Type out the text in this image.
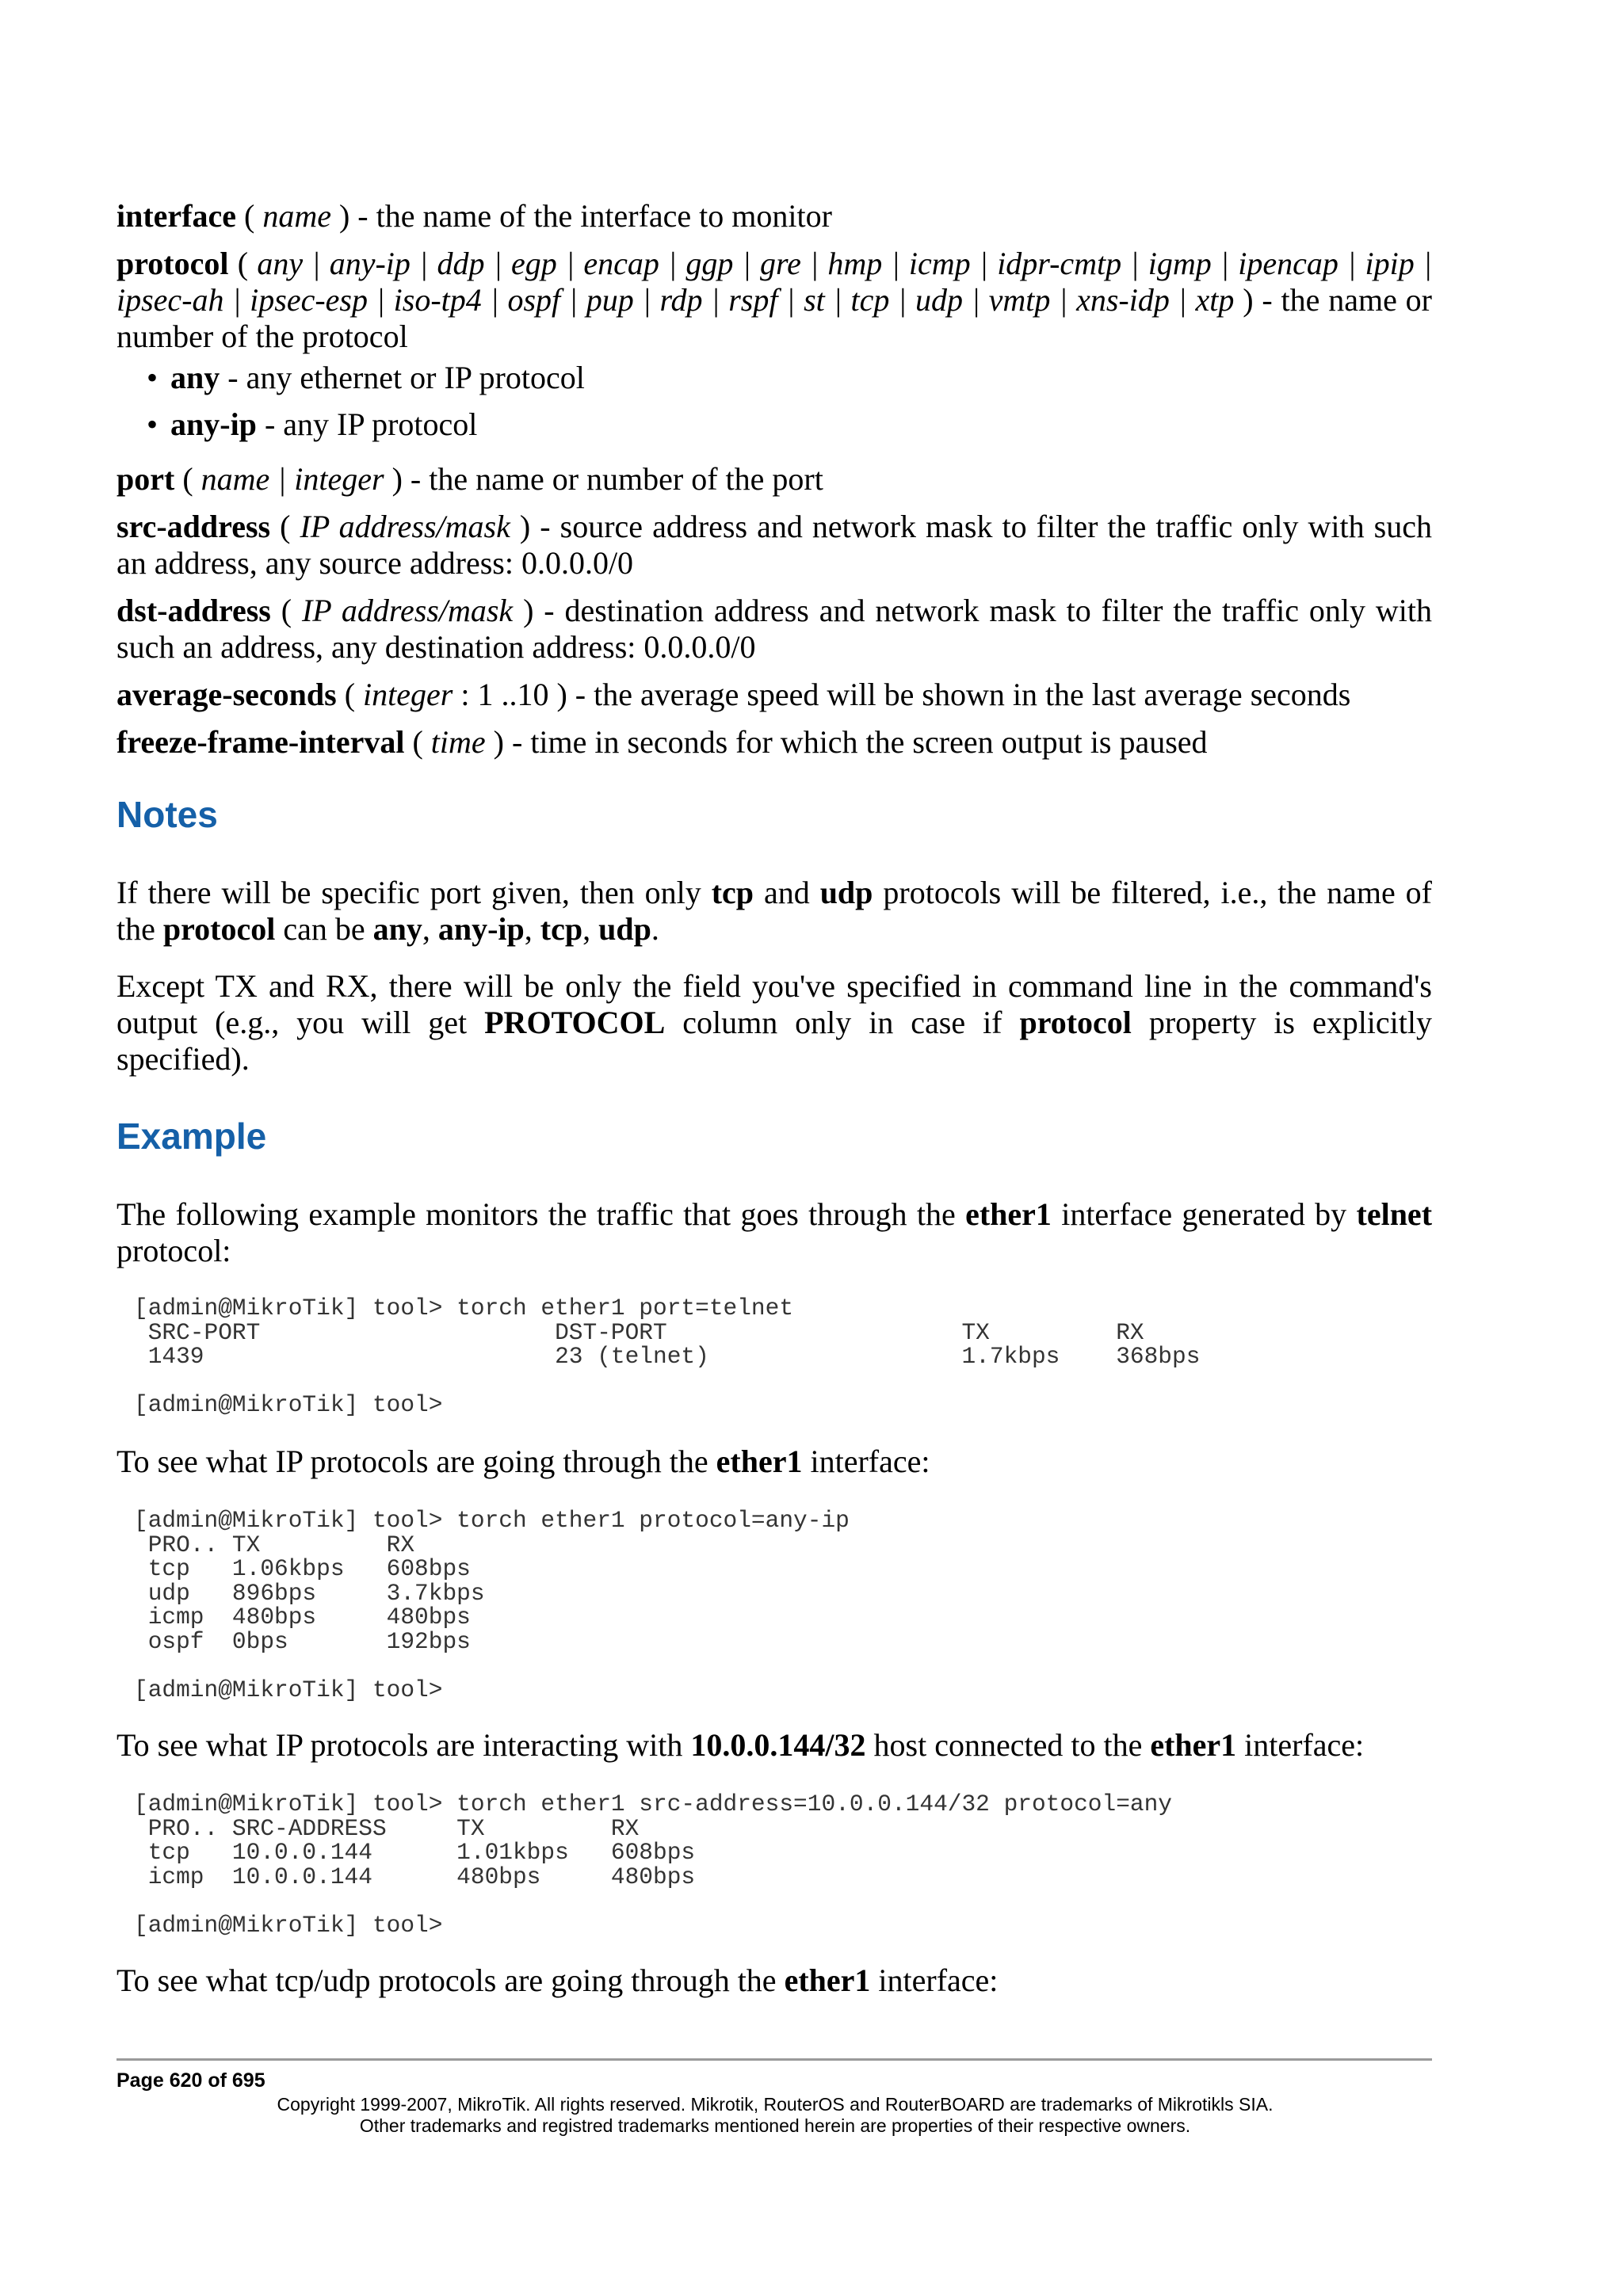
interface ( name ) - the name of the interface to monitor
protocol ( any | any-ip | ddp | egp | encap | ggp | gre | hmp | icmp | idpr-cmtp | igmp | ipencap | ipip | ipsec-ah | ipsec-esp | iso-tp4 | ospf | pup | rdp | rspf | st | tcp | udp | vmtp | xns-idp | xtp ) - the name or number of the protocol
• any - any ethernet or IP protocol
• any-ip - any IP protocol
port ( name | integer ) - the name or number of the port
src-address ( IP address/mask ) - source address and network mask to filter the traffic only with such an address, any source address: 0.0.0.0/0
dst-address ( IP address/mask ) - destination address and network mask to filter the traffic only with such an address, any destination address: 0.0.0.0/0
average-seconds ( integer : 1 ..10 ) - the average speed will be shown in the last average seconds
freeze-frame-interval ( time ) - time in seconds for which the screen output is paused
Notes
If there will be specific port given, then only tcp and udp protocols will be filtered, i.e., the name of the protocol can be any, any-ip, tcp, udp.
Except TX and RX, there will be only the field you've specified in command line in the command's output (e.g., you will get PROTOCOL column only in case if protocol property is explicitly specified).
Example
The following example monitors the traffic that goes through the ether1 interface generated by telnet protocol:
[admin@MikroTik] tool> torch ether1 port=telnet
SRC-PORT                     DST-PORT                     TX         RX
1439                         23 (telnet)                  1.7kbps    368bps

[admin@MikroTik] tool>
To see what IP protocols are going through the ether1 interface:
[admin@MikroTik] tool> torch ether1 protocol=any-ip
PRO.. TX         RX
tcp   1.06kbps   608bps
udp   896bps     3.7kbps
icmp  480bps     480bps
ospf  0bps       192bps

[admin@MikroTik] tool>
To see what IP protocols are interacting with 10.0.0.144/32 host connected to the ether1 interface:
[admin@MikroTik] tool> torch ether1 src-address=10.0.0.144/32 protocol=any
PRO.. SRC-ADDRESS     TX         RX
tcp   10.0.0.144      1.01kbps   608bps
icmp  10.0.0.144      480bps     480bps

[admin@MikroTik] tool>
To see what tcp/udp protocols are going through the ether1 interface:
Page 620 of 695
Copyright 1999-2007, MikroTik. All rights reserved. Mikrotik, RouterOS and RouterBOARD are trademarks of Mikrotikls SIA.
Other trademarks and registred trademarks mentioned herein are properties of their respective owners.
